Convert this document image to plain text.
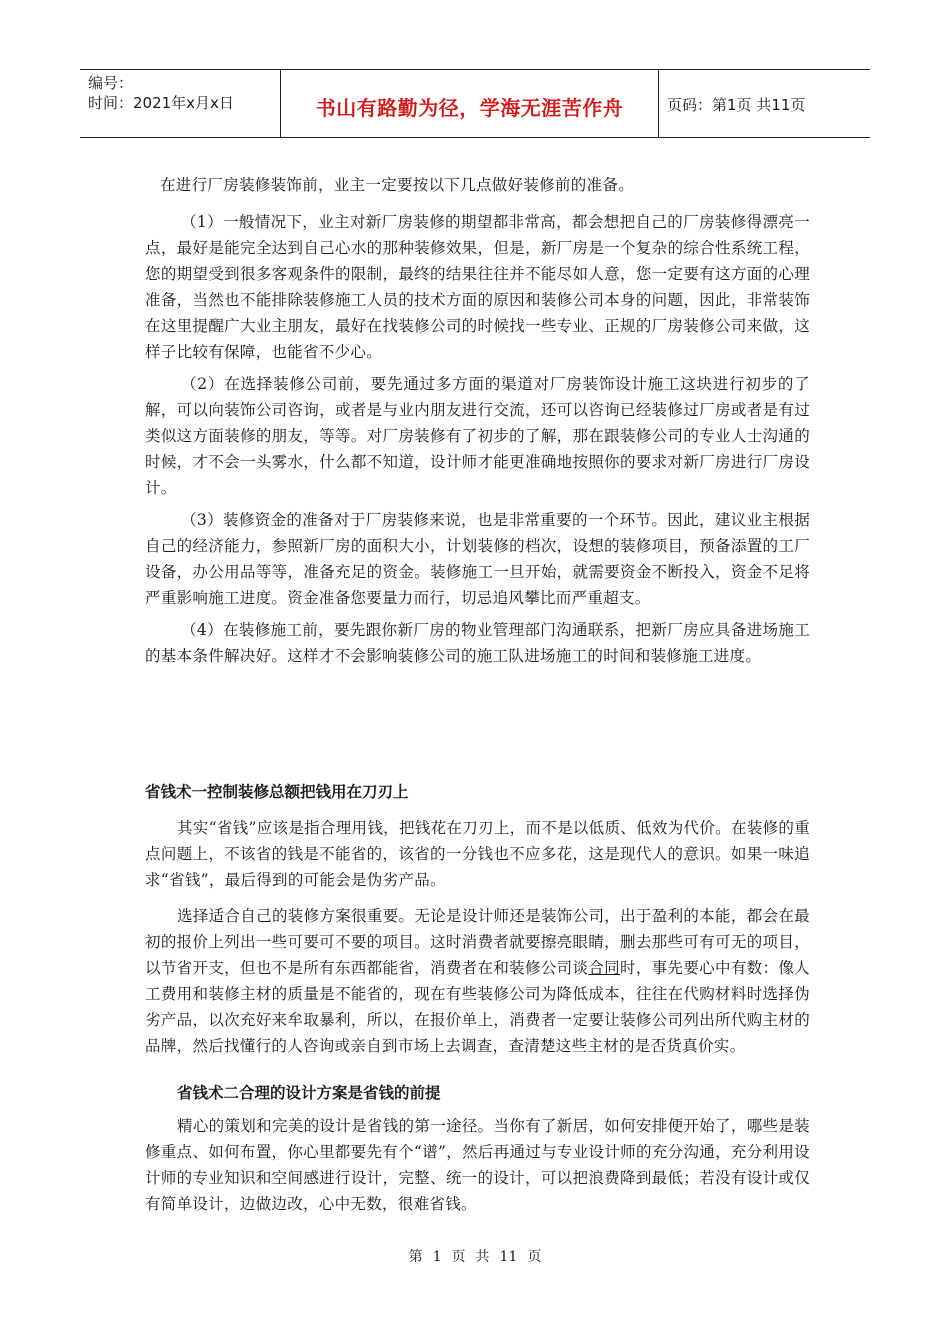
编号：
时间：2021年x月x日	书山有路勤为径，学海无涯苦作舟	页码：第1页 共11页

在进行厂房装修装饰前，业主一定要按以下几点做好装修前的准备。

（1）一般情况下，业主对新厂房装修的期望都非常高，都会想把自己的厂房装修得漂亮一点，最好是能完全达到自己心水的那种装修效果，但是，新厂房是一个复杂的综合性系统工程，您的期望受到很多客观条件的限制，最终的结果往往并不能尽如人意，您一定要有这方面的心理准备，当然也不能排除装修施工人员的技术方面的原因和装修公司本身的问题，因此，非常装饰在这里提醒广大业主朋友，最好在找装修公司的时候找一些专业、正规的厂房装修公司来做，这样子比较有保障，也能省不少心。

（2）在选择装修公司前，要先通过多方面的渠道对厂房装饰设计施工这块进行初步的了解，可以向装饰公司咨询，或者是与业内朋友进行交流，还可以咨询已经装修过厂房或者是有过类似这方面装修的朋友，等等。对厂房装修有了初步的了解，那在跟装修公司的专业人士沟通的时候，才不会一头雾水，什么都不知道，设计师才能更准确地按照你的要求对新厂房进行厂房设计。

（3）装修资金的准备对于厂房装修来说，也是非常重要的一个环节。因此，建议业主根据自己的经济能力，参照新厂房的面积大小，计划装修的档次，设想的装修项目，预备添置的工厂设备，办公用品等等，准备充足的资金。装修施工一旦开始，就需要资金不断投入，资金不足将严重影响施工进度。资金准备您要量力而行，切忌追风攀比而严重超支。

（4）在装修施工前，要先跟你新厂房的物业管理部门沟通联系，把新厂房应具备进场施工的基本条件解决好。这样才不会影响装修公司的施工队进场施工的时间和装修施工进度。

省钱术一控制装修总额把钱用在刀刃上

其实“省钱”应该是指合理用钱，把钱花在刀刃上，而不是以低质、低效为代价。在装修的重点问题上，不该省的钱是不能省的，该省的一分钱也不应多花，这是现代人的意识。如果一味追求“省钱”，最后得到的可能会是伪劣产品。

选择适合自己的装修方案很重要。无论是设计师还是装饰公司，出于盈利的本能，都会在最初的报价上列出一些可要可不要的项目。这时消费者就要擦亮眼睛，删去那些可有可无的项目，以节省开支，但也不是所有东西都能省，消费者在和装修公司谈合同时，事先要心中有数：像人工费用和装修主材的质量是不能省的，现在有些装修公司为降低成本，往往在代购材料时选择伪劣产品，以次充好来牟取暴利，所以，在报价单上，消费者一定要让装修公司列出所代购主材的品牌，然后找懂行的人咨询或亲自到市场上去调查，查清楚这些主材的是否货真价实。

省钱术二合理的设计方案是省钱的前提

精心的策划和完美的设计是省钱的第一途径。当你有了新居，如何安排便开始了，哪些是装修重点、如何布置，你心里都要先有个“谱”，然后再通过与专业设计师的充分沟通，充分利用设计师的专业知识和空间感进行设计，完整、统一的设计，可以把浪费降到最低；若没有设计或仅有简单设计，边做边改，心中无数，很难省钱。

第 1 页 共 11 页
